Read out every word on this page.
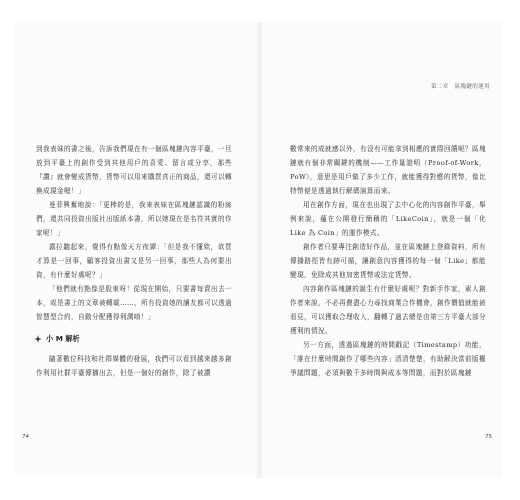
到我表妹的書之後，告訴我們現在有一個區塊鏈內容平臺，一旦放到平臺上的創作受到其他用戶的喜愛、留言或分享，那些『讚』就會變成貨幣，貨幣可以用來購買真正的商品，還可以轉換成現金喔！」

曼菲興奮地說：「更棒的是，我來表妹在區塊鏈認識的粉絲們，還共同投資出版社出版紙本書，所以她現在是名符其實的作家呢！」

露拉聽起來，覺得有點像天方夜譚：「但是我不懂欸，欲買才算是一回事，顧客投資出書又是另一回事，那些人為何要出資，有什麼好處呢？」

「他們就有點像是股東呀！從現在開始，只要書每賣出去一本，或是書上的文章被轉載……，所有投資她的讀友都可以透過智慧型合約，自動分配獲得利潤唷！」

小 M 解析

隨著數位科技和社群媒體的發展，我們可以看到越來越多創作利用社群平臺傳播出去，但是一個好的創作，除了被讚

74
第二章　區塊鏈的運用

數常來的成就感以外，有沒有可能拿到相應的實際回饋呢？區塊鏈就有個非常關鍵的機制——工作量證明（Proof-of-Work，PoW），意思是用戶做了多少工作，就能獲得對應的貨幣，像比特幣便是透過執行解碼演算而來。

用在創作方面，現在也出現了去中心化的內容創作平臺，舉例來說，蘊在公開發行簡稱的「LikeCoin」，就是一個「化 Like 為 Coin」的運作模式。

創作者只要專注創造好作品，並在區塊鏈上登錄資料，所有傳播路徑皆有跡可循，讓創意內容獲得的每一個「Like」都能變現，免除成其他加密貨幣或法定貨幣。

內容創作區塊鏈的誕生有什麼好處呢？對新手作家，素人創作者來說，不必再費盡心力尋找商業合作機會，創作價值就能被看見，可以獲取合理收入，翻轉了過去總是由第三方平臺大部分獲利的情況。

另一方面，透過區塊鏈的時間戳記（Timestamp）功能，「誰在什麼時間創作了哪些內容」清清楚楚，有助解決當前版權爭議問題，必須與數千多時間與成本等問題，而對於區塊鏈

75
